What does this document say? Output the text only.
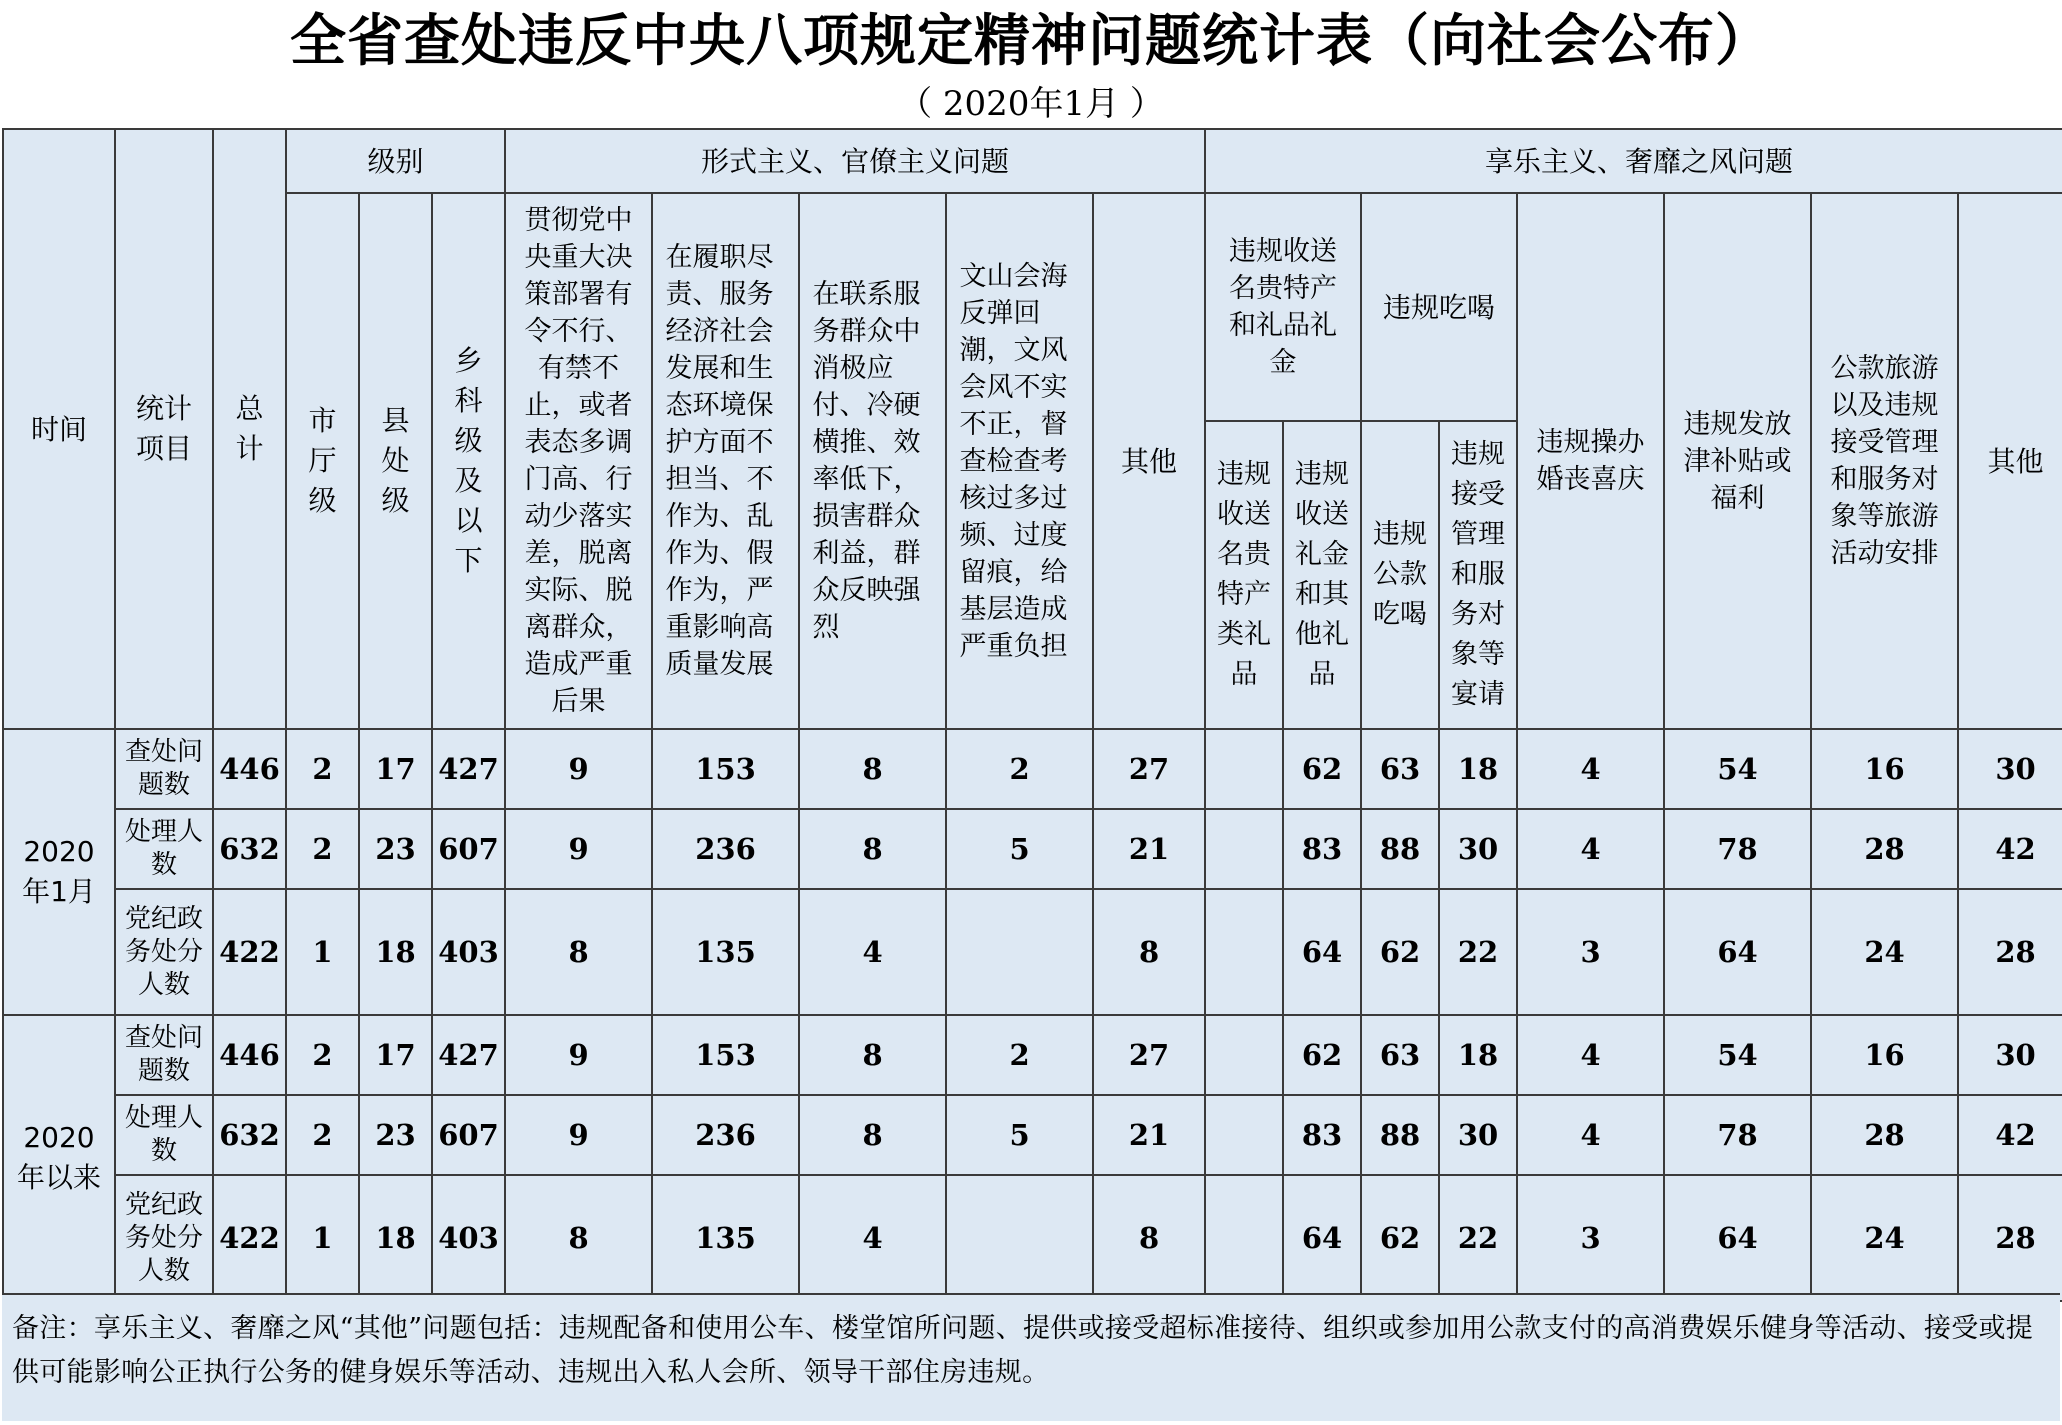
全省查处违反中央八项规定精神问题统计表（向社会公布）
（ 2020年1月 ）
时间	统计项目	总计	级别			形式主义、官僚主义问题					享乐主义、奢靡之风问题							
			市厅级	县处级	乡科级及以下	贯彻党中央重大决策部署有令不行、有禁不止，或者表态多调门高、行动少落实差，脱离实际、脱离群众，造成严重后果	在履职尽责、服务经济社会发展和生态环境保护方面不担当、不作为、乱作为、假作为，严重影响高质量发展	在联系服务群众中消极应付、冷硬横推、效率低下，损害群众利益，群众反映强烈	文山会海反弹回潮，文风会风不实不正，督查检查考核过多过频、过度留痕，给基层造成严重负担	其他	违规收送名贵特产和礼品礼金		违规吃喝		违规操办婚丧喜庆	违规发放津补贴或福利	公款旅游以及违规接受管理和服务对象等旅游活动安排	其他
											违规收送名贵特产类礼品	违规收送礼金和其他礼品	违规公款吃喝	违规接受管理和服务对象等宴请				
2020年1月	查处问题数	446	2	17	427	9	153	8	2	27		62	63	18	4	54	16	30
	处理人数	632	2	23	607	9	236	8	5	21		83	88	30	4	78	28	42
	党纪政务处分人数	422	1	18	403	8	135	4		8		64	62	22	3	64	24	28
2020年以来	查处问题数	446	2	17	427	9	153	8	2	27		62	63	18	4	54	16	30
	处理人数	632	2	23	607	9	236	8	5	21		83	88	30	4	78	28	42
	党纪政务处分人数	422	1	18	403	8	135	4		8		64	62	22	3	64	24	28
备注：享乐主义、奢靡之风“其他”问题包括：违规配备和使用公车、楼堂馆所问题、提供或接受超标准接待、组织或参加用公款支付的高消费娱乐健身等活动、接受或提供可能影响公正执行公务的健身娱乐等活动、违规出入私人会所、领导干部住房违规。
